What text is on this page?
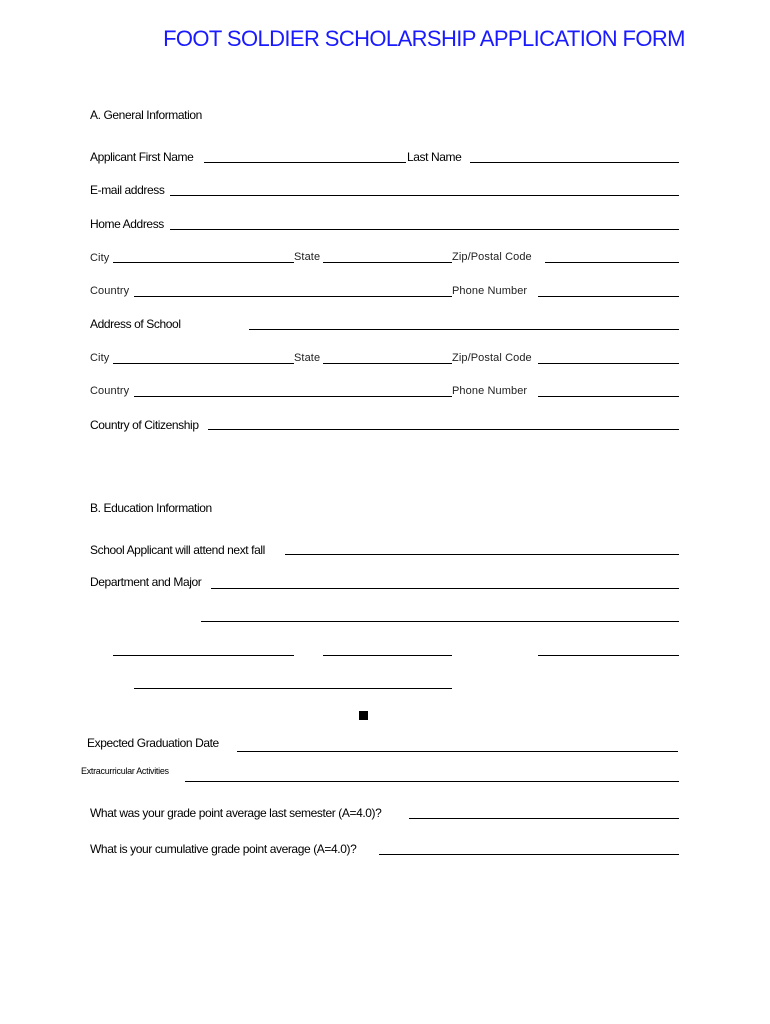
FOOT SOLDIER SCHOLARSHIP APPLICATION FORM
A. General Information
Applicant First Name	Last Name
E-mail address
Home Address
City	State	Zip/Postal Code
Country	Phone Number
Address of School
City	State	Zip/Postal Code
Country	Phone Number
Country of Citizenship
B. Education Information
School Applicant will attend next fall
Department and Major
Expected Graduation Date
Extracurricular Activities
What was your grade point average last semester (A=4.0)?
What is your cumulative grade point average (A=4.0)?
